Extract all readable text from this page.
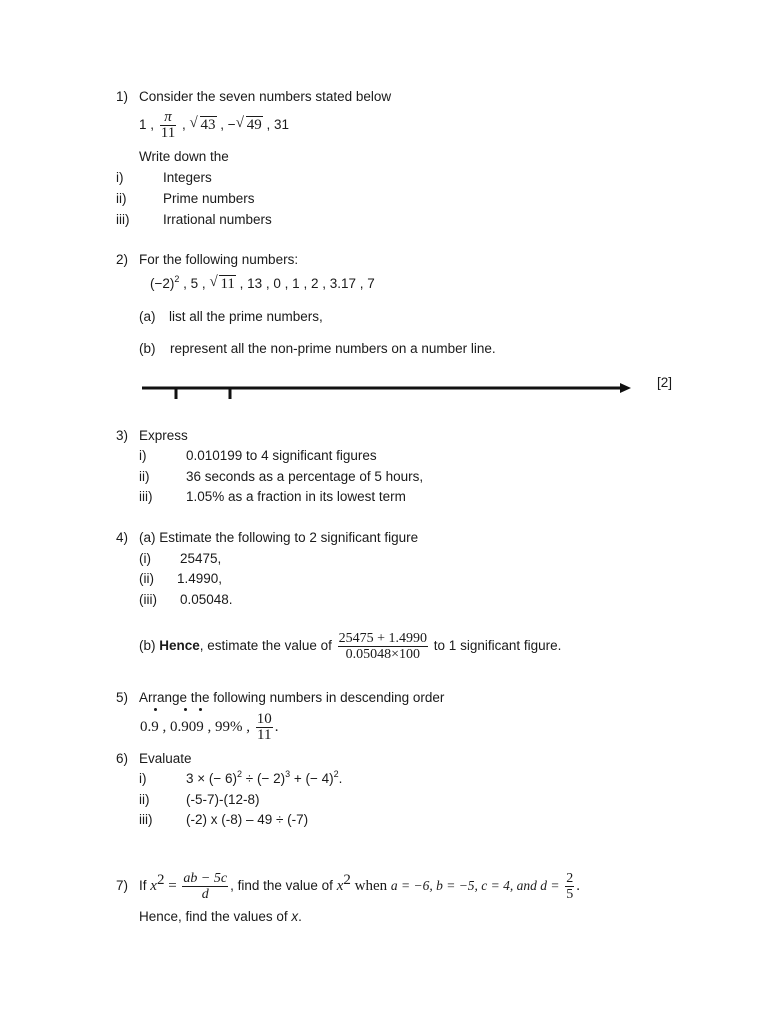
1) Consider the seven numbers stated below
1 , $\frac{\pi}{11}$ , √ 43 , − √ 49 , 31
Write down the
i)	Integers
ii)	Prime numbers
iii) Irrational numbers
2) For the following numbers:
$(-2)^2$ , 5 , √ 11 , 13 , 0 , 1 , 2 , 3.17 , 7
(a) list all the prime numbers,
(b) represent all the non-prime numbers on a number line.
[2]
3) Express
i)	0.010199 to 4 significant figures
ii)	36 seconds as a percentage of 5 hours,
iii) 1.05% as a fraction in its lowest term
4) (a) Estimate the following to 2 significant figure
(i) 25475,
(ii) 1.4990,
(iii) 0.05048.
(b) Hence, estimate the value of $\frac{25475 + 1.4990}{0.05048\times 100}$ to 1 significant figure.
5) Arrange the following numbers in descending order
0.9 , 0.909 , 99% , $\frac{10}{11}$ .
6) Evaluate
i)	3 × (− 6)$^2$ ÷ (− 2)$^3$ + (− 4)$^2$.
ii)	(-5-7)-(12-8)
iii) (-2) x (-8) – 49 ÷ (-7)
7) If $x^2 = \frac{ab - 5c}{d}$ , find the value of $x^2$ when a = −6, b = −5, c = 4, and $d = \frac{2}{5}$ .
Hence, find the values of x.
